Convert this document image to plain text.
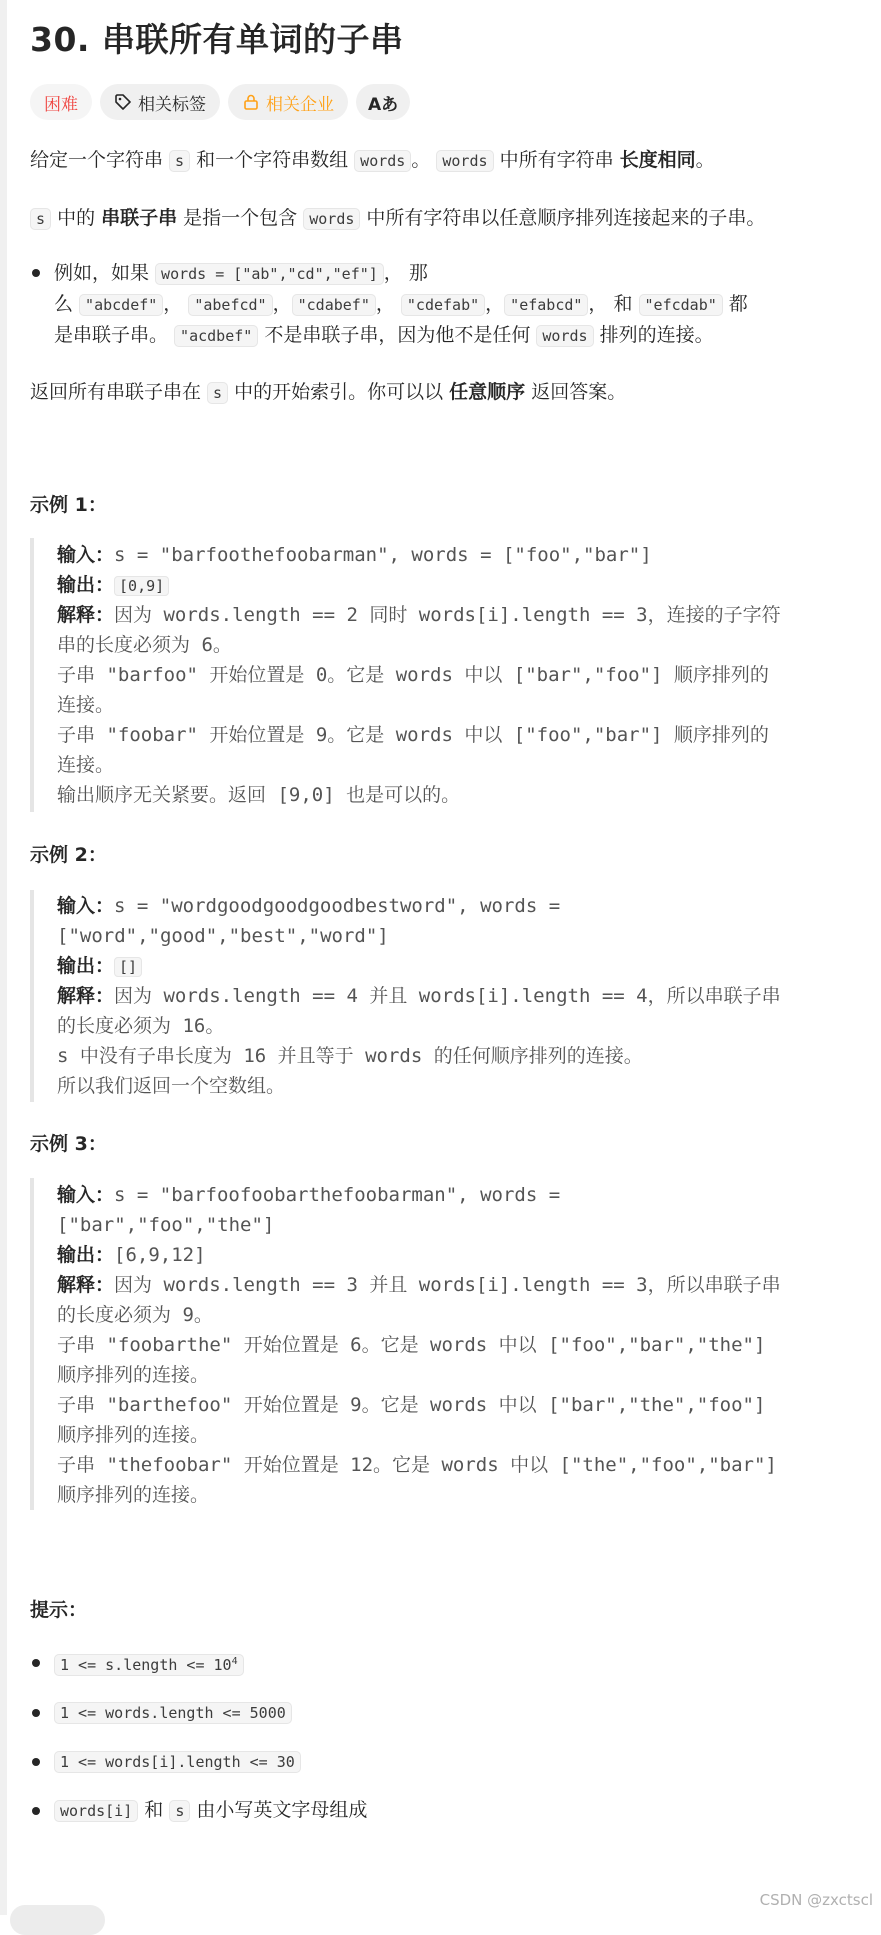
30. 串联所有单词的子串
困难	相关标签	相关企业 Aあ
给定一个字符串 s 和一个字符串数组 words 。 words 中所有字符串 长度相同。
s 中的 串联子串 是指一个包含 words 中所有字符串以任意顺序排列连接起来的子串。
例如，如果 words = ["ab","cd","ef"] ， 那
么 "abcdef" ， "abefcd" ， "cdabef" ， "cdefab" ， "efabcd" ， 和 "efcdab" 都
是串联子串。 "acdbef" 不是串联子串，因为他不是任何 words 排列的连接。
返回所有串联子串在 s 中的开始索引。你可以以 任意顺序 返回答案。
示例 1：
输入：s = "barfoothefoobarman", words = ["foo","bar"]
输出： [0,9]
解释：因为 words.length == 2 同时 words[i].length == 3，连接的子字符
串的长度必须为 6。
子串 "barfoo" 开始位置是 0。它是 words 中以 ["bar","foo"] 顺序排列的
连接。
子串 "foobar" 开始位置是 9。它是 words 中以 ["foo","bar"] 顺序排列的
连接。
输出顺序无关紧要。返回 [9,0] 也是可以的。
示例 2：
输入：s = "wordgoodgoodgoodbestword", words =
["word","good","best","word"]
输出： []
解释：因为 words.length == 4 并且 words[i].length == 4，所以串联子串
的长度必须为 16。
s 中没有子串长度为 16 并且等于 words 的任何顺序排列的连接。
所以我们返回一个空数组。
示例 3：
输入：s = "barfoofoobarthefoobarman", words =
["bar","foo","the"]
输出：[6,9,12]
解释：因为 words.length == 3 并且 words[i].length == 3，所以串联子串
的长度必须为 9。
子串 "foobarthe" 开始位置是 6。它是 words 中以 ["foo","bar","the"]
顺序排列的连接。
子串 "barthefoo" 开始位置是 9。它是 words 中以 ["bar","the","foo"]
顺序排列的连接。
子串 "thefoobar" 开始位置是 12。它是 words 中以 ["the","foo","bar"]
顺序排列的连接。
提示：
1 <= s.length <= $10^4$
1 <= words.length <= 5000
1 <= words[i].length <= 30
words[i] 和 s 由小写英文字母组成
CSDN @zxctscl
